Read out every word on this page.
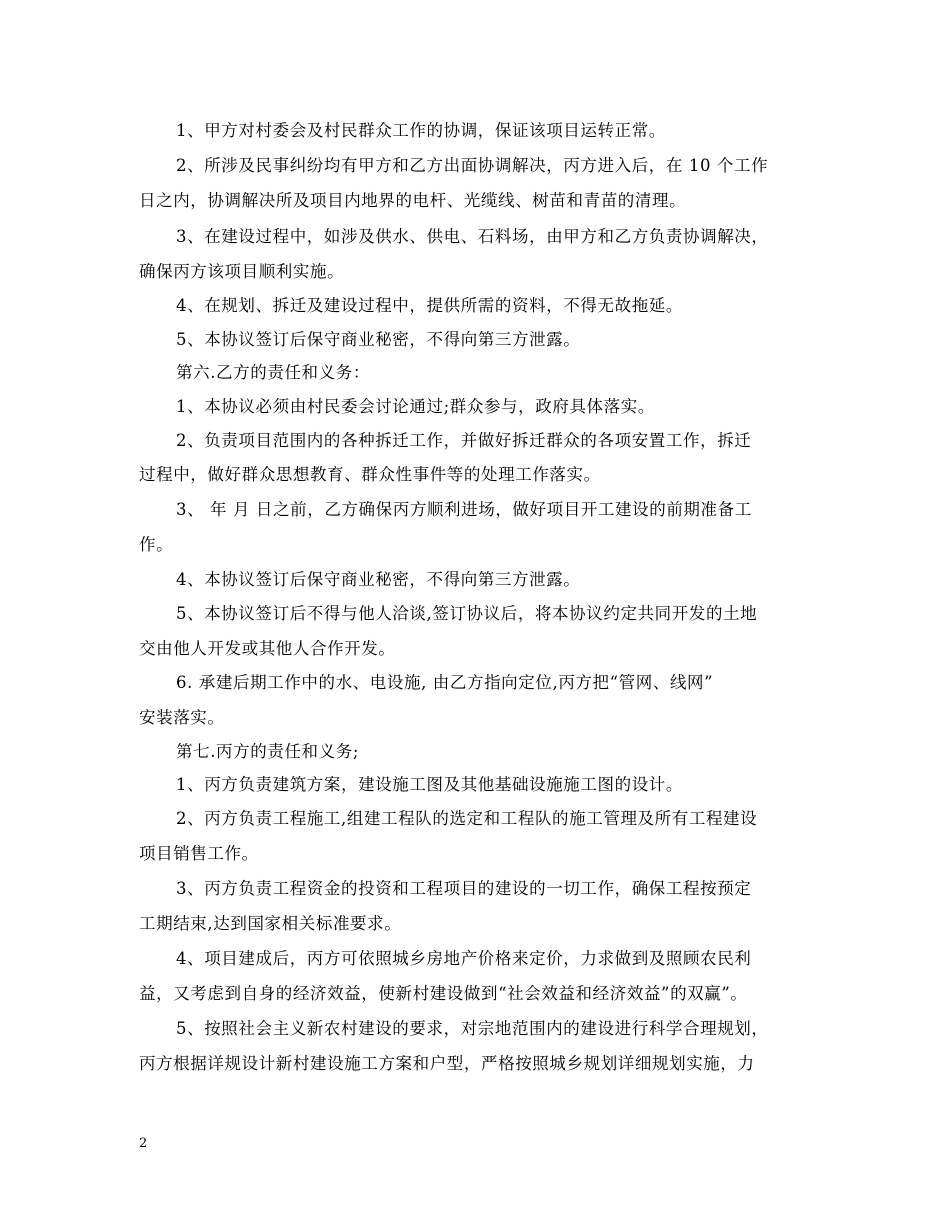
1、甲方对村委会及村民群众工作的协调，保证该项目运转正常。
2、所涉及民事纠纷均有甲方和乙方出面协调解决，丙方进入后，在 10 个工作
日之内，协调解决所及项目内地界的电杆、光缆线、树苗和青苗的清理。
3、在建设过程中，如涉及供水、供电、石料场，由甲方和乙方负责协调解决，
确保丙方该项目顺利实施。
4、在规划、拆迁及建设过程中，提供所需的资料，不得无故拖延。
5、本协议签订后保守商业秘密，不得向第三方泄露。
第六.乙方的责任和义务：
1、本协议必须由村民委会讨论通过;群众参与，政府具体落实。
2、负责项目范围内的各种拆迁工作，并做好拆迁群众的各项安置工作，拆迁
过程中，做好群众思想教育、群众性事件等的处理工作落实。
3、 年 月 日之前，乙方确保丙方顺利进场，做好项目开工建设的前期准备工
作。
4、本协议签订后保守商业秘密，不得向第三方泄露。
5、本协议签订后不得与他人洽谈,签订协议后，将本协议约定共同开发的土地
交由他人开发或其他人合作开发。
6. 承建后期工作中的水、电设施, 由乙方指向定位,丙方把“管网、线网”
安装落实。
第七.丙方的责任和义务;
1、丙方负责建筑方案，建设施工图及其他基础设施施工图的设计。
2、丙方负责工程施工,组建工程队的选定和工程队的施工管理及所有工程建设
项目销售工作。
3、丙方负责工程资金的投资和工程项目的建设的一切工作，确保工程按预定
工期结束,达到国家相关标准要求。
4、项目建成后，丙方可依照城乡房地产价格来定价，力求做到及照顾农民利
益，又考虑到自身的经济效益，使新村建设做到“社会效益和经济效益”的双赢”。
5、按照社会主义新农村建设的要求，对宗地范围内的建设进行科学合理规划，
丙方根据详规设计新村建设施工方案和户型，严格按照城乡规划详细规划实施，力
2
